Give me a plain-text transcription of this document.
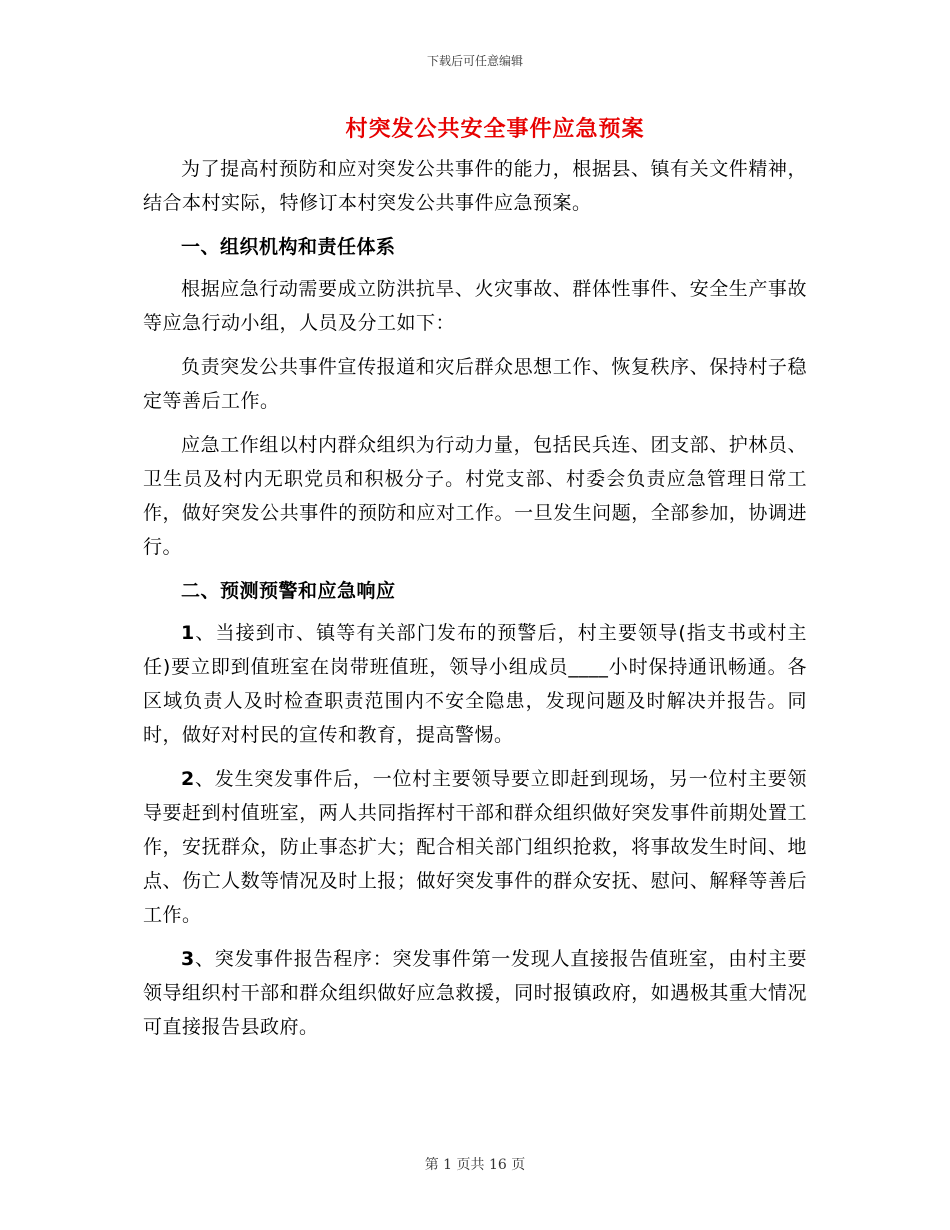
下载后可任意编辑
村突发公共安全事件应急预案

为了提高村预防和应对突发公共事件的能力，根据县、镇有关文件精神，结合本村实际，特修订本村突发公共事件应急预案。

一、组织机构和责任体系

根据应急行动需要成立防洪抗旱、火灾事故、群体性事件、安全生产事故等应急行动小组，人员及分工如下：

负责突发公共事件宣传报道和灾后群众思想工作、恢复秩序、保持村子稳定等善后工作。

应急工作组以村内群众组织为行动力量，包括民兵连、团支部、护林员、卫生员及村内无职党员和积极分子。村党支部、村委会负责应急管理日常工作，做好突发公共事件的预防和应对工作。一旦发生问题，全部参加，协调进行。

二、预测预警和应急响应

1、当接到市、镇等有关部门发布的预警后，村主要领导(指支书或村主任)要立即到值班室在岗带班值班，领导小组成员____小时保持通讯畅通。各区域负责人及时检查职责范围内不安全隐患，发现问题及时解决并报告。同时，做好对村民的宣传和教育，提高警惕。

2、发生突发事件后，一位村主要领导要立即赶到现场，另一位村主要领导要赶到村值班室，两人共同指挥村干部和群众组织做好突发事件前期处置工作，安抚群众，防止事态扩大；配合相关部门组织抢救，将事故发生时间、地点、伤亡人数等情况及时上报；做好突发事件的群众安抚、慰问、解释等善后工作。

3、突发事件报告程序：突发事件第一发现人直接报告值班室，由村主要领导组织村干部和群众组织做好应急救援，同时报镇政府，如遇极其重大情况可直接报告县政府。

第 1 页共 16 页
